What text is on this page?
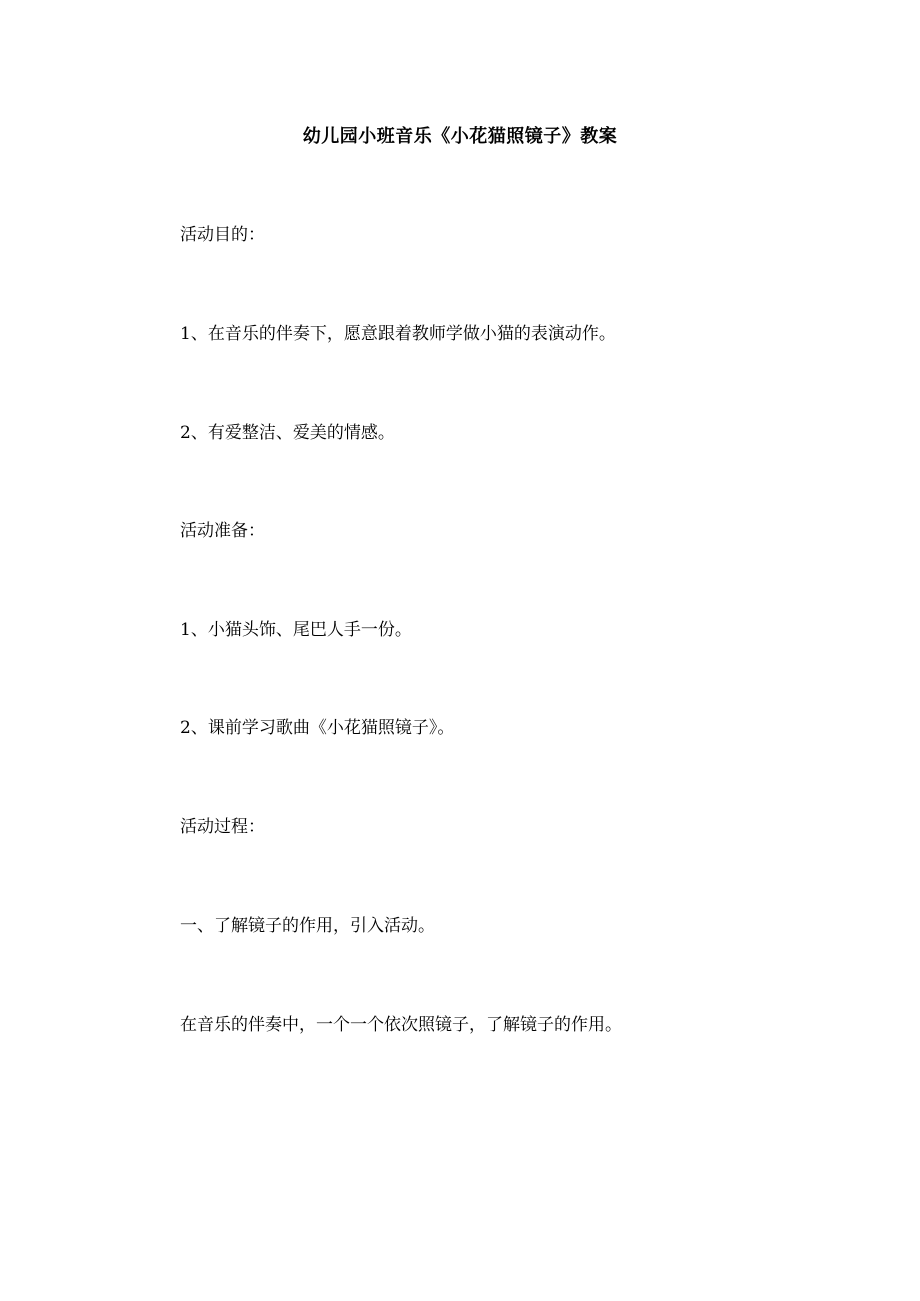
幼儿园小班音乐《小花猫照镜子》教案
活动目的：
1、在音乐的伴奏下，愿意跟着教师学做小猫的表演动作。
2、有爱整洁、爱美的情感。
活动准备：
1、小猫头饰、尾巴人手一份。
2、课前学习歌曲《小花猫照镜子》。
活动过程：
一、了解镜子的作用，引入活动。
在音乐的伴奏中，一个一个依次照镜子，了解镜子的作用。
